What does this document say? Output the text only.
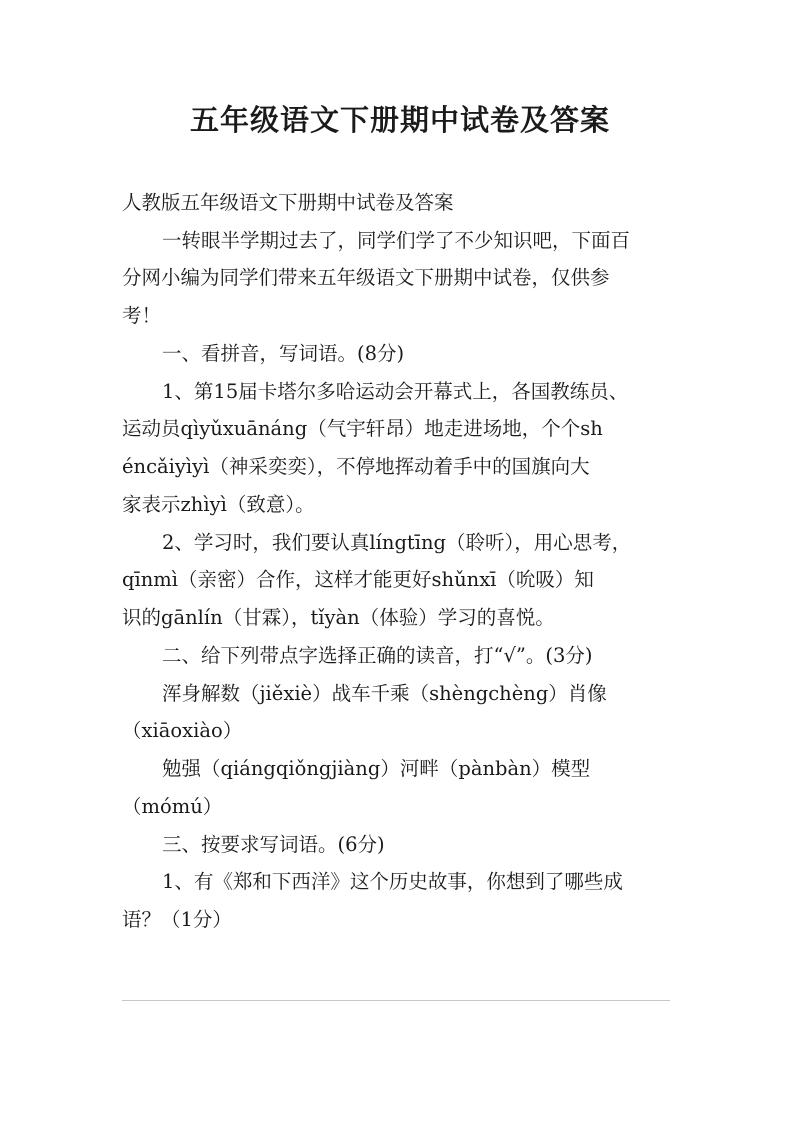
五年级语文下册期中试卷及答案

人教版五年级语文下册期中试卷及答案

一转眼半学期过去了，同学们学了不少知识吧，下面百

分网小编为同学们带来五年级语文下册期中试卷，仅供参

考！

一、看拼音，写词语。(8分)

1、第15届卡塔尔多哈运动会开幕式上，各国教练员、

运动员qìyǔxuānáng（气宇轩昂）地走进场地，个个sh

éncǎiyìyì（神采奕奕），不停地挥动着手中的国旗向大

家表示zhìyì（致意）。

2、学习时，我们要认真língtīng（聆听），用心思考，

qīnmì（亲密）合作，这样才能更好shǔnxī（吮吸）知

识的gānlín（甘霖），tǐyàn（体验）学习的喜悦。

二、给下列带点字选择正确的读音，打“√”。(3分)

浑身解数（jiěxiè）战车千乘（shèngchèng）肖像

（xiāoxiào）

勉强（qiángqiǒngjiàng）河畔（pànbàn）模型

（mómú）

三、按要求写词语。(6分)

1、有《郑和下西洋》这个历史故事，你想到了哪些成

语？（1分）
